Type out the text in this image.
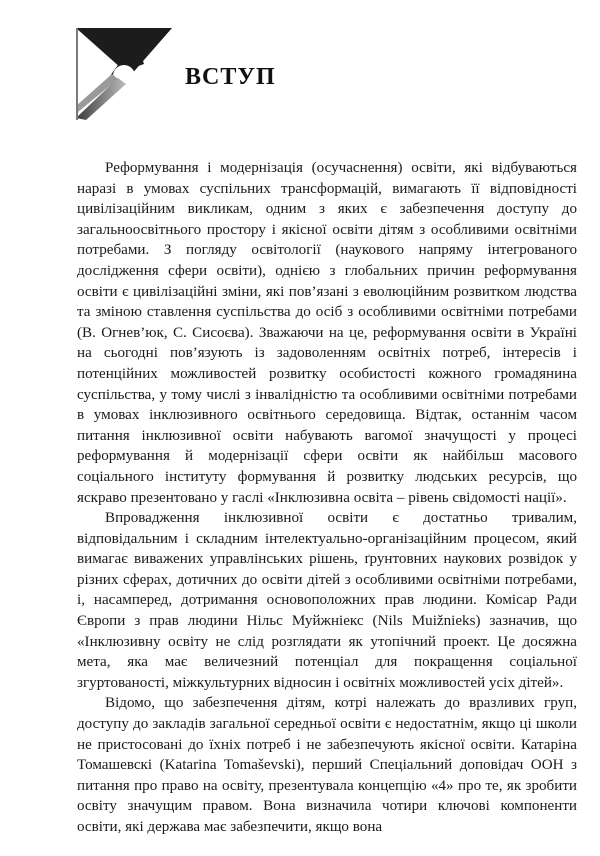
ВСТУП

Реформування і модернізація (осучаснення) освіти, які відбуваються наразі в умовах суспільних трансформацій, вимагають її відповідності цивілізаційним викликам, одним з яких є забезпечення доступу до загальноосвітнього простору і якісної освіти дітям з особливими освітніми потребами. З погляду освітології (наукового напряму інтегрованого дослідження сфери освіти), однією з глобальних причин реформування освіти є цивілізаційні зміни, які пов’язані з еволюційним розвитком людства та зміною ставлення суспільства до осіб з особливими освітніми потребами (В. Огнев’юк, С. Сисоєва). Зважаючи на це, реформування освіти в Україні на сьогодні пов’язують із задоволенням освітніх потреб, інтересів і потенційних можливостей розвитку особистості кожного громадянина суспільства, у тому числі з інвалідністю та особливими освітніми потребами в умовах інклюзивного освітнього середовища. Відтак, останнім часом питання інклюзивної освіти набувають вагомої значущості у процесі реформування й модернізації сфери освіти як найбільш масового соціального інституту формування й розвитку людських ресурсів, що яскраво презентовано у гаслі «Інклюзивна освіта – рівень свідомості нації».

Впровадження інклюзивної освіти є достатньо тривалим, відповідальним і складним інтелектуально-організаційним процесом, який вимагає виважених управлінських рішень, ґрунтовних наукових розвідок у різних сферах, дотичних до освіти дітей з особливими освітніми потребами, і, насамперед, дотримання основоположних прав людини. Комісар Ради Європи з прав людини Нільс Муйжніекс (Nils Muižnieks) зазначив, що «Інклюзивну освіту не слід розглядати як утопічний проект. Це досяжна мета, яка має величезний потенціал для покращення соціальної згуртованості, міжкультурних відносин і освітніх можливостей усіх дітей».

Відомо, що забезпечення дітям, котрі належать до вразливих груп, доступу до закладів загальної середньої освіти є недостатнім, якщо ці школи не пристосовані до їхніх потреб і не забезпечують якісної освіти. Катаріна Томашевскі (Katarina Tomaševski), перший Спеціальний доповідач ООН з питання про право на освіту, презентувала концепцію «4» про те, як зробити освіту значущим правом. Вона визначила чотири ключові компоненти освіти, які держава має забезпечити, якщо вона
